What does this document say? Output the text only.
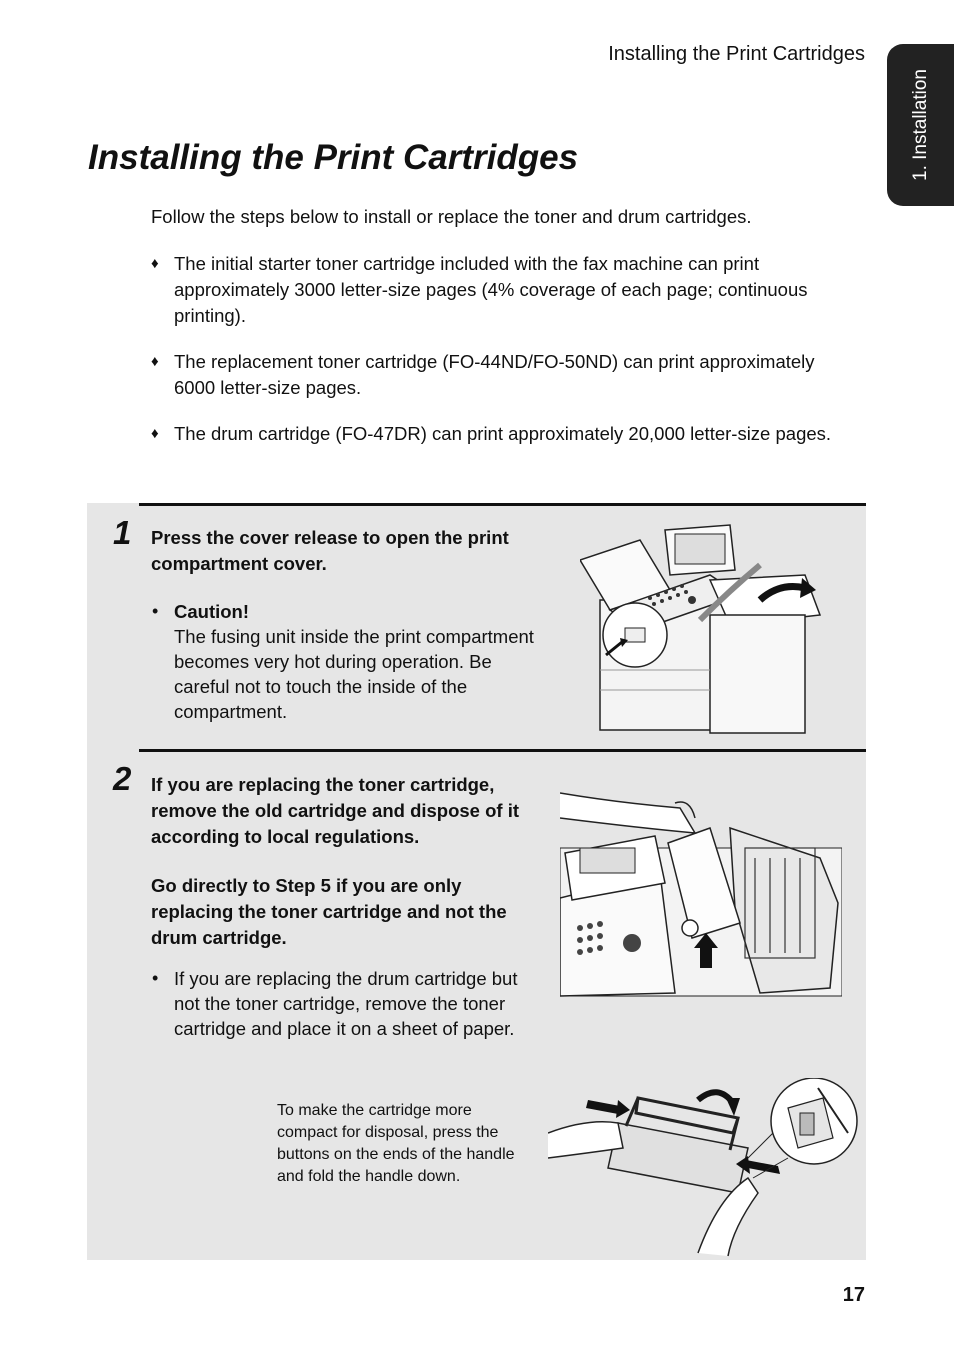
Installing the Print Cartridges
1. Installation
Installing the Print Cartridges

Follow the steps below to install or replace the toner and drum cartridges.

♦ The initial starter toner cartridge included with the fax machine can print approximately 3000 letter-size pages (4% coverage of each page; continuous printing).
♦ The replacement toner cartridge (FO-44ND/FO-50ND) can print approximately 6000 letter-size pages.
♦ The drum cartridge (FO-47DR) can print approximately 20,000 letter-size pages.
1 Press the cover release to open the print compartment cover.

• Caution!
The fusing unit inside the print compartment becomes very hot during operation. Be careful not to touch the inside of the compartment.
2 If you are replacing the toner cartridge, remove the old cartridge and dispose of it according to local regulations.

Go directly to Step 5 if you are only replacing the toner cartridge and not the drum cartridge.

• If you are replacing the drum cartridge but not the toner cartridge, remove the toner cartridge and place it on a sheet of paper.

To make the cartridge more compact for disposal, press the buttons on the ends of the handle and fold the handle down.

17
